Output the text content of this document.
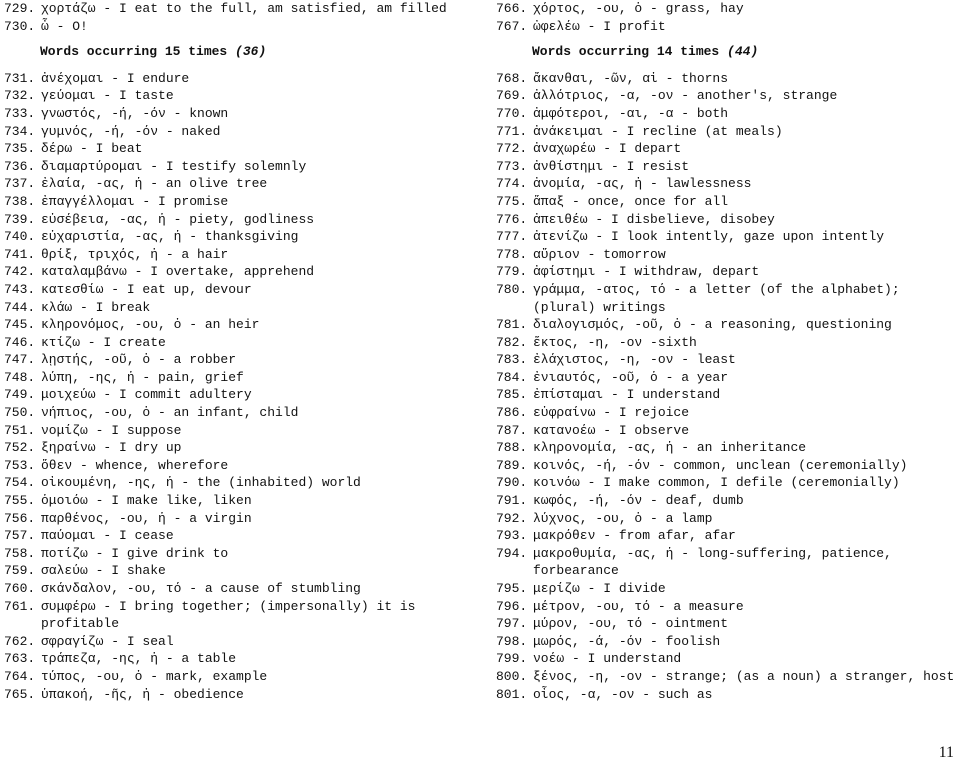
729. χορτάζω - I eat to the full, am satisfied, am filled

730. ὦ - O!

Words occurring 15 times (36)

731. ἀνέχομαι - I endure

732. γεύομαι - I taste

733. γνωστός, -ή, -όν - known

734. γυμνός, -ή, -όν - naked

735. δέρω - I beat

736. διαμαρτύρομαι - I testify solemnly

737. ἐλαία, -ας, ἡ - an olive tree

738. ἐπαγγέλλομαι - I promise

739. εὐσέβεια, -ας, ἡ - piety, godliness

740. εὐχαριστία, -ας, ἡ - thanksgiving

741. θρίξ, τριχός, ἡ - a hair

742. καταλαμβάνω - I overtake, apprehend

743. κατεσθίω - I eat up, devour

744. κλάω - I break

745. κληρονόμος, -ου, ὁ - an heir

746. κτίζω - I create

747. λῃστής, -οῦ, ὁ - a robber

748. λύπη, -ης, ἡ - pain, grief

749. μοιχεύω - I commit adultery

750. νήπιος, -ου, ὁ - an infant, child

751. νομίζω - I suppose

752. ξηραίνω - I dry up

753. ὅθεν - whence, wherefore

754. οἰκουμένη, -ης, ἡ - the (inhabited) world

755. ὁμοιόω - I make like, liken

756. παρθένος, -ου, ἡ - a virgin

757. παύομαι - I cease

758. ποτίζω - I give drink to

759. σαλεύω - I shake

760. σκάνδαλον, -ου, τό - a cause of stumbling

761. συμφέρω - I bring together; (impersonally) it is profitable

762. σφραγίζω - I seal

763. τράπεζα, -ης, ἡ - a table

764. τύπος, -ου, ὁ - mark, example

765. ὑπακοή, -ῆς, ἡ - obedience

766. χόρτος, -ου, ὁ - grass, hay

767. ὠφελέω - I profit

Words occurring 14 times (44)

768. ἄκανθαι, -ῶν, αἱ - thorns

769. ἀλλότριος, -α, -ον - another's, strange

770. ἀμφότεροι, -αι, -α - both

771. ἀνάκειμαι - I recline (at meals)

772. ἀναχωρέω - I depart

773. ἀνθίστημι - I resist

774. ἀνομία, -ας, ἡ - lawlessness

775. ἅπαξ - once, once for all

776. ἀπειθέω - I disbelieve, disobey

777. ἀτενίζω - I look intently, gaze upon intently

778. αὔριον - tomorrow

779. ἀφίστημι - I withdraw, depart

780. γράμμα, -ατος, τό - a letter (of the alphabet); (plural) writings

781. διαλογισμός, -οῦ, ὁ - a reasoning, questioning

782. ἕκτος, -η, -ον -sixth

783. ἐλάχιστος, -η, -ον - least

784. ἐνιαυτός, -οῦ, ὁ - a year

785. ἐπίσταμαι - I understand

786. εὐφραίνω - I rejoice

787. κατανοέω - I observe

788. κληρονομία, -ας, ἡ - an inheritance

789. κοινός, -ή, -όν - common, unclean (ceremonially)

790. κοινόω - I make common, I defile (ceremonially)

791. κωφός, -ή, -όν - deaf, dumb

792. λύχνος, -ου, ὁ - a lamp

793. μακρόθεν - from afar, afar

794. μακροθυμία, -ας, ἡ - long-suffering, patience, forbearance

795. μερίζω - I divide

796. μέτρον, -ου, τό - a measure

797. μύρον, -ου, τό - ointment

798. μωρός, -ά, -όν - foolish

799. νοέω - I understand

800. ξένος, -η, -ον - strange; (as a noun) a stranger, host

801. οἶος, -α, -ον - such as

11
